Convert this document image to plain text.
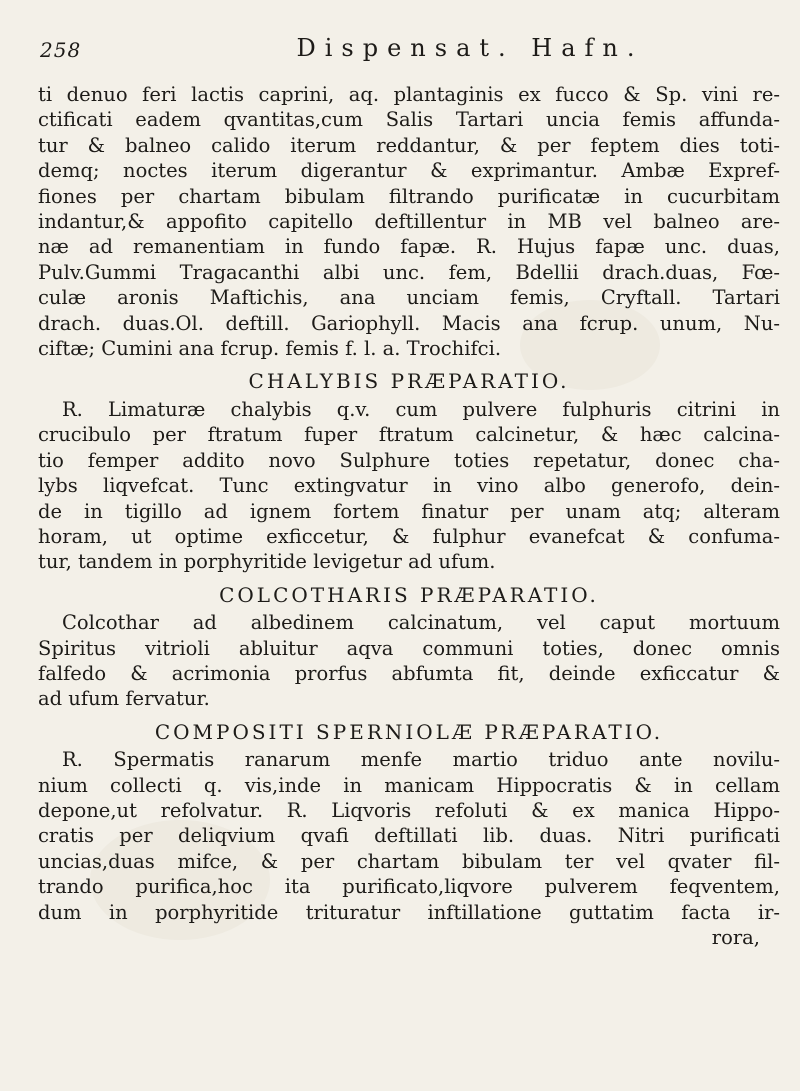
258	Dispensat. Hafn.
ti denuo feri lactis caprini, aq. plantaginis ex fucco & Sp. vini re-
ctificati eadem qvantitas,cum Salis Tartari uncia femis affunda-
tur & balneo calido iterum reddantur, & per feptem dies toti-
demq; noctes iterum digerantur & exprimantur. Ambæ Expref-
fiones per chartam bibulam filtrando purificatæ in cucurbitam
indantur,& appofito capitello deftillentur in MB vel balneo are-
næ ad remanentiam in fundo fapæ. R. Hujus fapæ unc. duas,
Pulv.Gummi Tragacanthi albi unc. fem, Bdellii drach.duas, Fœ-
culæ aronis Maftichis, ana unciam femis, Cryftall. Tartari
drach. duas.Ol. deftill. Gariophyll. Macis ana fcrup. unum, Nu-
ciftæ; Cumini ana fcrup. femis f. l. a. Trochifci.
CHALYBIS PRÆPARATIO.
R. Limaturæ chalybis q.v. cum pulvere fulphuris citrini in
crucibulo per ftratum fuper ftratum calcinetur, & hæc calcina-
tio femper addito novo Sulphure toties repetatur, donec cha-
lybs liqvefcat. Tunc extingvatur in vino albo generofo, dein-
de in tigillo ad ignem fortem finatur per unam atq; alteram
horam, ut optime exficcetur, & fulphur evanefcat & confuma-
tur, tandem in porphyritide levigetur ad ufum.
COLCOTHARIS PRÆPARATIO.
Colcothar ad albedinem calcinatum, vel caput mortuum
Spiritus vitrioli abluitur aqva communi toties, donec omnis
falfedo & acrimonia prorfus abfumta fit, deinde exficcatur &
ad ufum fervatur.
COMPOSITI SPERNIOLÆ PRÆPARATIO.
R. Spermatis ranarum menfe martio triduo ante novilu-
nium collecti q. vis,inde in manicam Hippocratis & in cellam
depone,ut refolvatur. R. Liqvoris refoluti & ex manica Hippo-
cratis per deliqvium qvafi deftillati lib. duas. Nitri purificati
uncias,duas mifce, & per chartam bibulam ter vel qvater fil-
trando purifica,hoc ita purificato,liqvore pulverem feqventem,
dum in porphyritide trituratur inftillatione guttatim facta ir-
rora,
